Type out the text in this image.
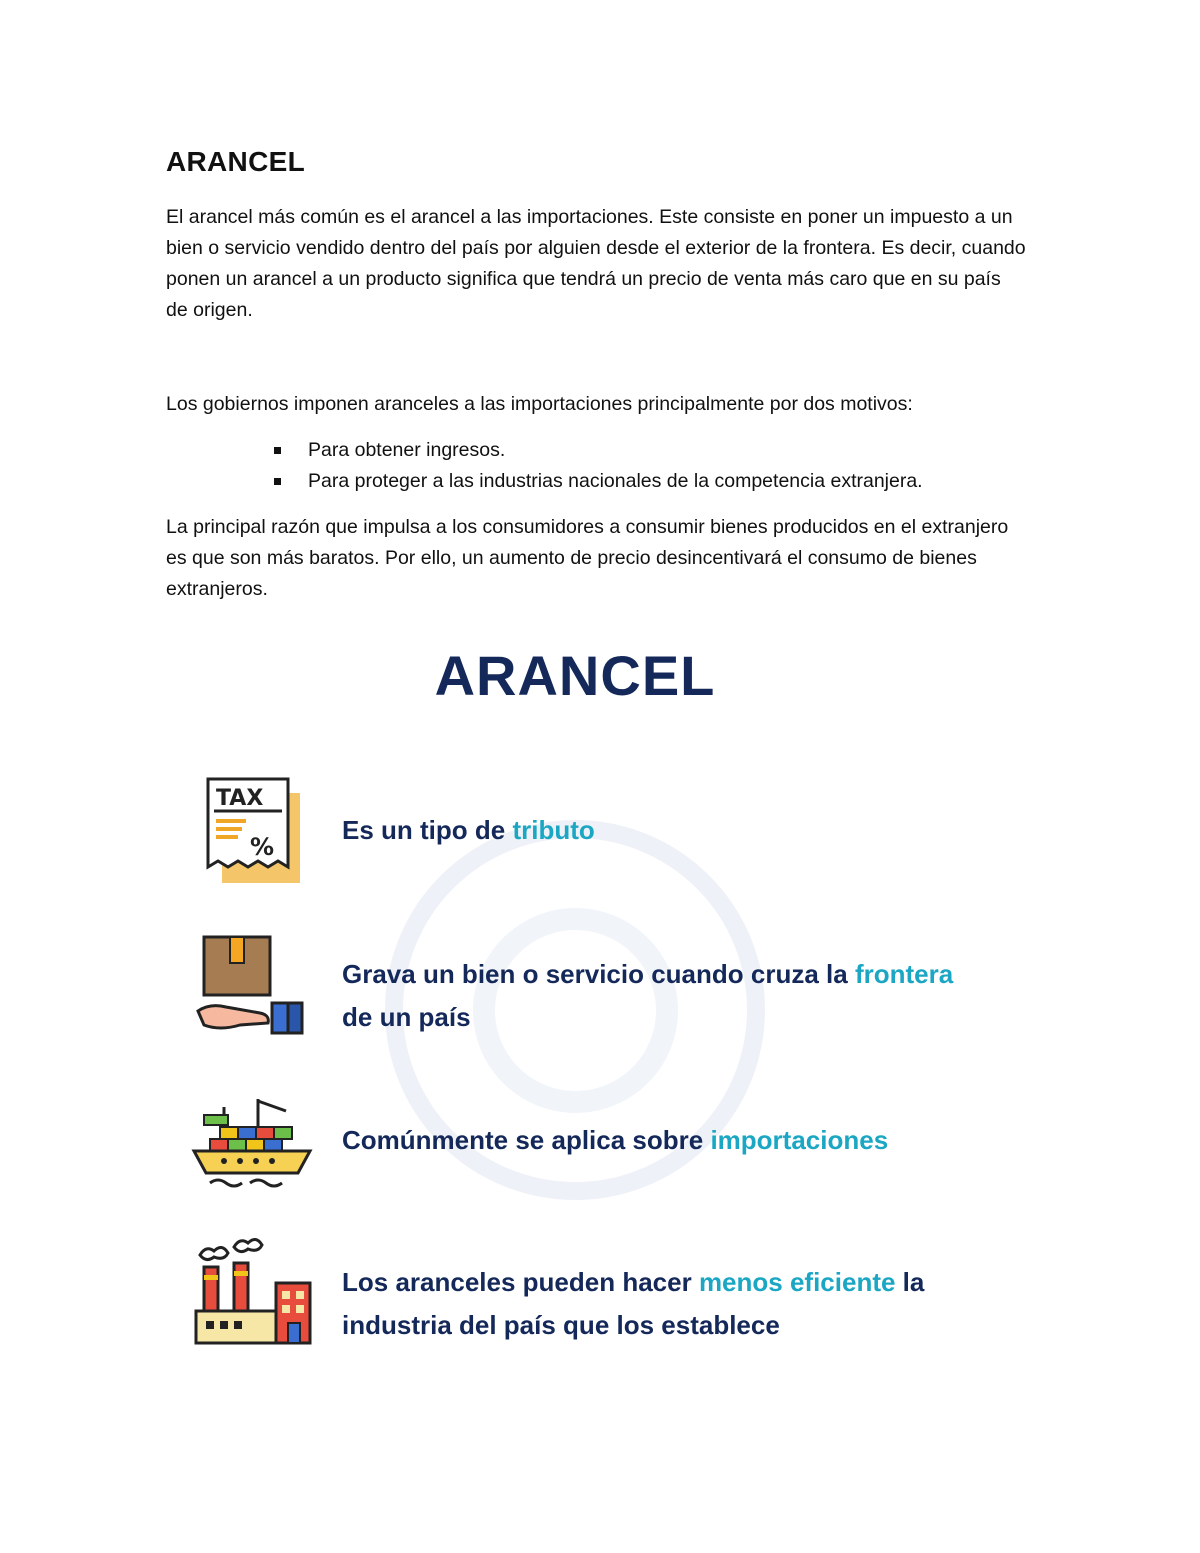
ARANCEL

El arancel más común es el arancel a las importaciones. Este consiste en poner un impuesto a un bien o servicio vendido dentro del país por alguien desde el exterior de la frontera. Es decir, cuando ponen un arancel a un producto significa que tendrá un precio de venta más caro que en su país de origen.

Los gobiernos imponen aranceles a las importaciones principalmente por dos motivos:

Para obtener ingresos.
Para proteger a las industrias nacionales de la competencia extranjera.

La principal razón que impulsa a los consumidores a consumir bienes producidos en el extranjero es que son más baratos. Por ello, un aumento de precio desincentivará el consumo de bienes extranjeros.

ARANCEL
TAX
%
Es un tipo de tributo
Grava un bien o servicio cuando cruza la frontera de un país
Comúnmente se aplica sobre importaciones
Los aranceles pueden hacer menos eficiente la industria del país que los establece
